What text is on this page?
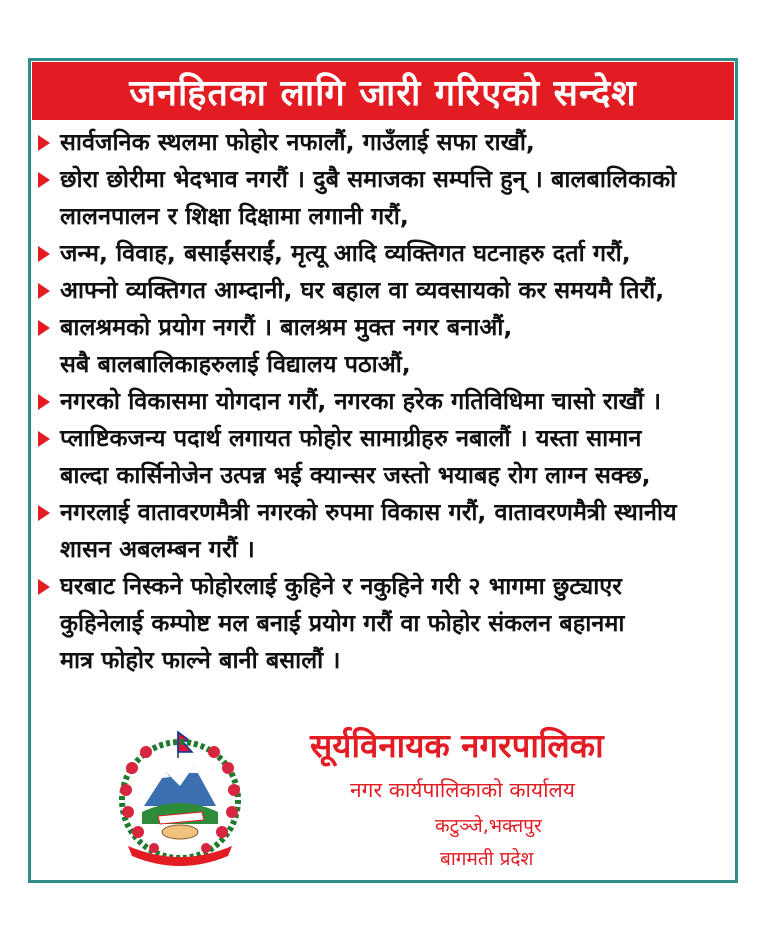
जनहितका लागि जारी गरिएको सन्देश
सार्वजनिक स्थलमा फोहोर नफालौं, गाउँलाई सफा राखौं,
छोरा छोरीमा भेदभाव नगरौं । दुबै समाजका सम्पत्ति हुन् । बालबालिकाको
लालनपालन र शिक्षा दिक्षामा लगानी गरौं,
जन्म, विवाह, बसाईंसराईं, मृत्यू आदि व्यक्तिगत घटनाहरु दर्ता गरौं,
आफ्नो व्यक्तिगत आम्दानी, घर बहाल वा व्यवसायको कर समयमै तिरौं,
बालश्रमको प्रयोग नगरौं । बालश्रम मुक्त नगर बनाऔं,
सबै बालबालिकाहरुलाई विद्यालय पठाऔं,
नगरको विकासमा योगदान गरौं, नगरका हरेक गतिविधिमा चासो राखौं ।
प्लाष्टिकजन्य पदार्थ लगायत फोहोर सामाग्रीहरु नबालौं । यस्ता सामान
बाल्दा कार्सिनोजेन उत्पन्न भई क्यान्सर जस्तो भयाबह रोग लाग्न सक्छ,
नगरलाई वातावरणमैत्री नगरको रुपमा विकास गरौं, वातावरणमैत्री स्थानीय
शासन अबलम्बन गरौं ।
घरबाट निस्कने फोहोरलाई कुहिने र नकुहिने गरी २ भागमा छुट्याएर
कुहिनेलाई कम्पोष्ट मल बनाई प्रयोग गरौं वा फोहोर संकलन बहानमा
मात्र फोहोर फाल्ने बानी बसालौं ।
सूर्यविनायक नगरपालिका
नगर कार्यपालिकाको कार्यालय
कटुञ्जे,भक्तपुर
बागमती प्रदेश
